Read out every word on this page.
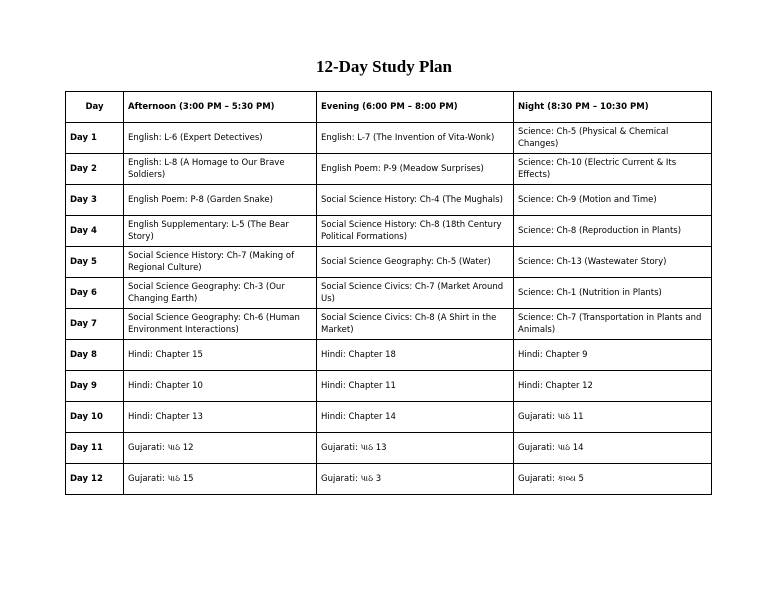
12-Day Study Plan
Day	Afternoon (3:00 PM – 5:30 PM)	Evening (6:00 PM – 8:00 PM)	Night (8:30 PM – 10:30 PM)
Day 1	English: L-6 (Expert Detectives)	English: L-7 (The Invention of Vita-Wonk)	Science: Ch-5 (Physical & Chemical Changes)
Day 2	English: L-8 (A Homage to Our Brave Soldiers)	English Poem: P-9 (Meadow Surprises)	Science: Ch-10 (Electric Current & Its Effects)
Day 3	English Poem: P-8 (Garden Snake)	Social Science History: Ch-4 (The Mughals)	Science: Ch-9 (Motion and Time)
Day 4	English Supplementary: L-5 (The Bear Story)	Social Science History: Ch-8 (18th Century Political Formations)	Science: Ch-8 (Reproduction in Plants)
Day 5	Social Science History: Ch-7 (Making of Regional Culture)	Social Science Geography: Ch-5 (Water)	Science: Ch-13 (Wastewater Story)
Day 6	Social Science Geography: Ch-3 (Our Changing Earth)	Social Science Civics: Ch-7 (Market Around Us)	Science: Ch-1 (Nutrition in Plants)
Day 7	Social Science Geography: Ch-6 (Human Environment Interactions)	Social Science Civics: Ch-8 (A Shirt in the Market)	Science: Ch-7 (Transportation in Plants and Animals)
Day 8	Hindi: Chapter 15	Hindi: Chapter 18	Hindi: Chapter 9
Day 9	Hindi: Chapter 10	Hindi: Chapter 11	Hindi: Chapter 12
Day 10	Hindi: Chapter 13	Hindi: Chapter 14	Gujarati: પાઠ 11
Day 11	Gujarati: પાઠ 12	Gujarati: પાઠ 13	Gujarati: પાઠ 14
Day 12	Gujarati: પાઠ 15	Gujarati: પાઠ 3	Gujarati: કાવ્ય 5
